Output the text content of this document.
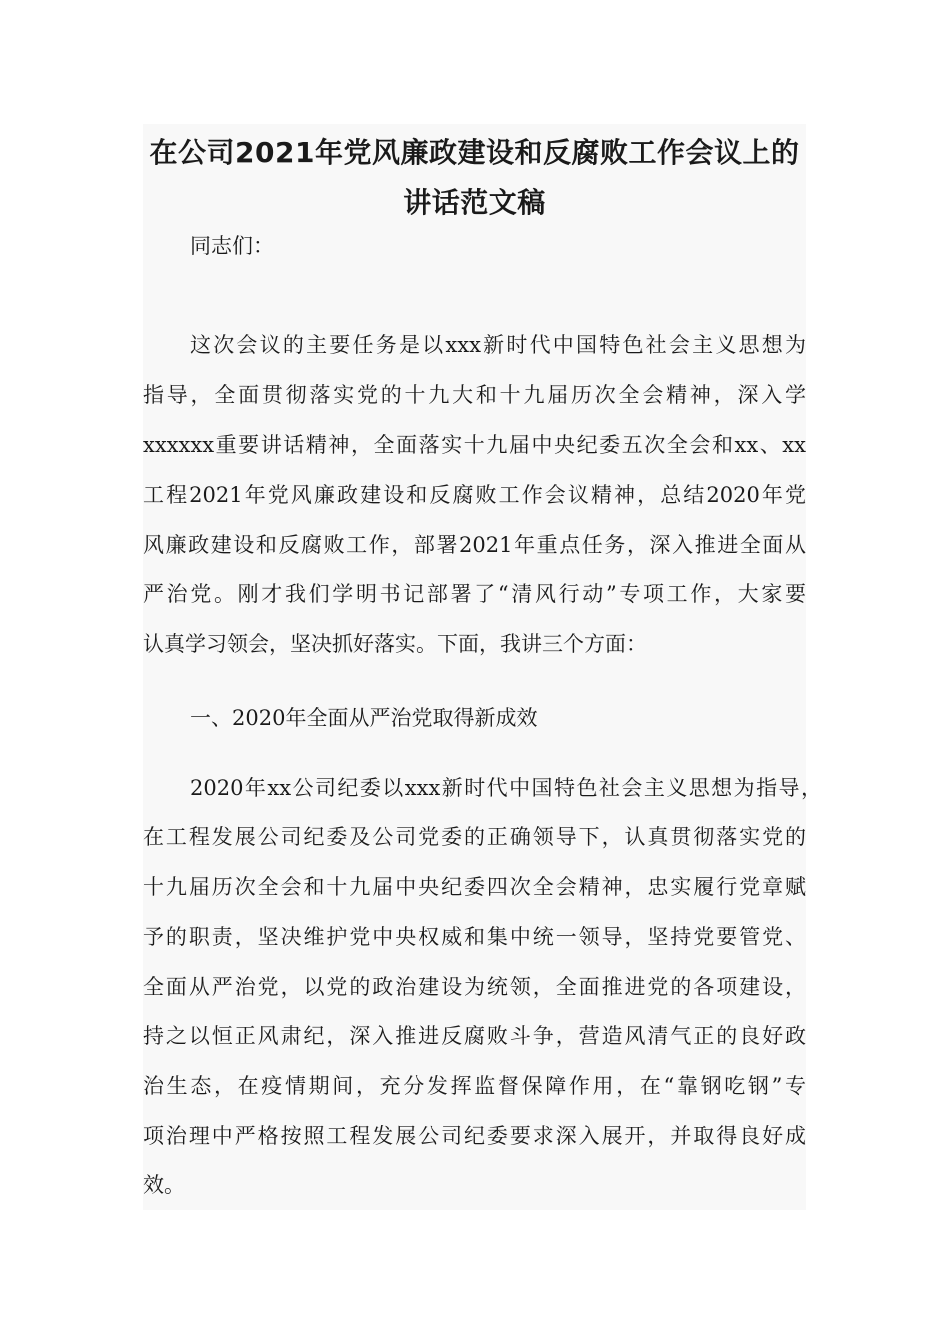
在公司2021年党风廉政建设和反腐败工作会议上的
讲话范文稿
同志们：
这次会议的主要任务是以xxx新时代中国特色社会主义思想为
指导，全面贯彻落实党的十九大和十九届历次全会精神，深入学
xxxxxx重要讲话精神，全面落实十九届中央纪委五次全会和xx、xx
工程2021年党风廉政建设和反腐败工作会议精神，总结2020年党
风廉政建设和反腐败工作，部署2021年重点任务，深入推进全面从
严治党。刚才我们学明书记部署了“清风行动”专项工作，大家要
认真学习领会，坚决抓好落实。下面，我讲三个方面：
一、2020年全面从严治党取得新成效
2020年xx公司纪委以xxx新时代中国特色社会主义思想为指导，
在工程发展公司纪委及公司党委的正确领导下，认真贯彻落实党的
十九届历次全会和十九届中央纪委四次全会精神，忠实履行党章赋
予的职责，坚决维护党中央权威和集中统一领导，坚持党要管党、
全面从严治党，以党的政治建设为统领，全面推进党的各项建设，
持之以恒正风肃纪，深入推进反腐败斗争，营造风清气正的良好政
治生态，在疫情期间，充分发挥监督保障作用，在“靠钢吃钢”专
项治理中严格按照工程发展公司纪委要求深入展开，并取得良好成
效。
